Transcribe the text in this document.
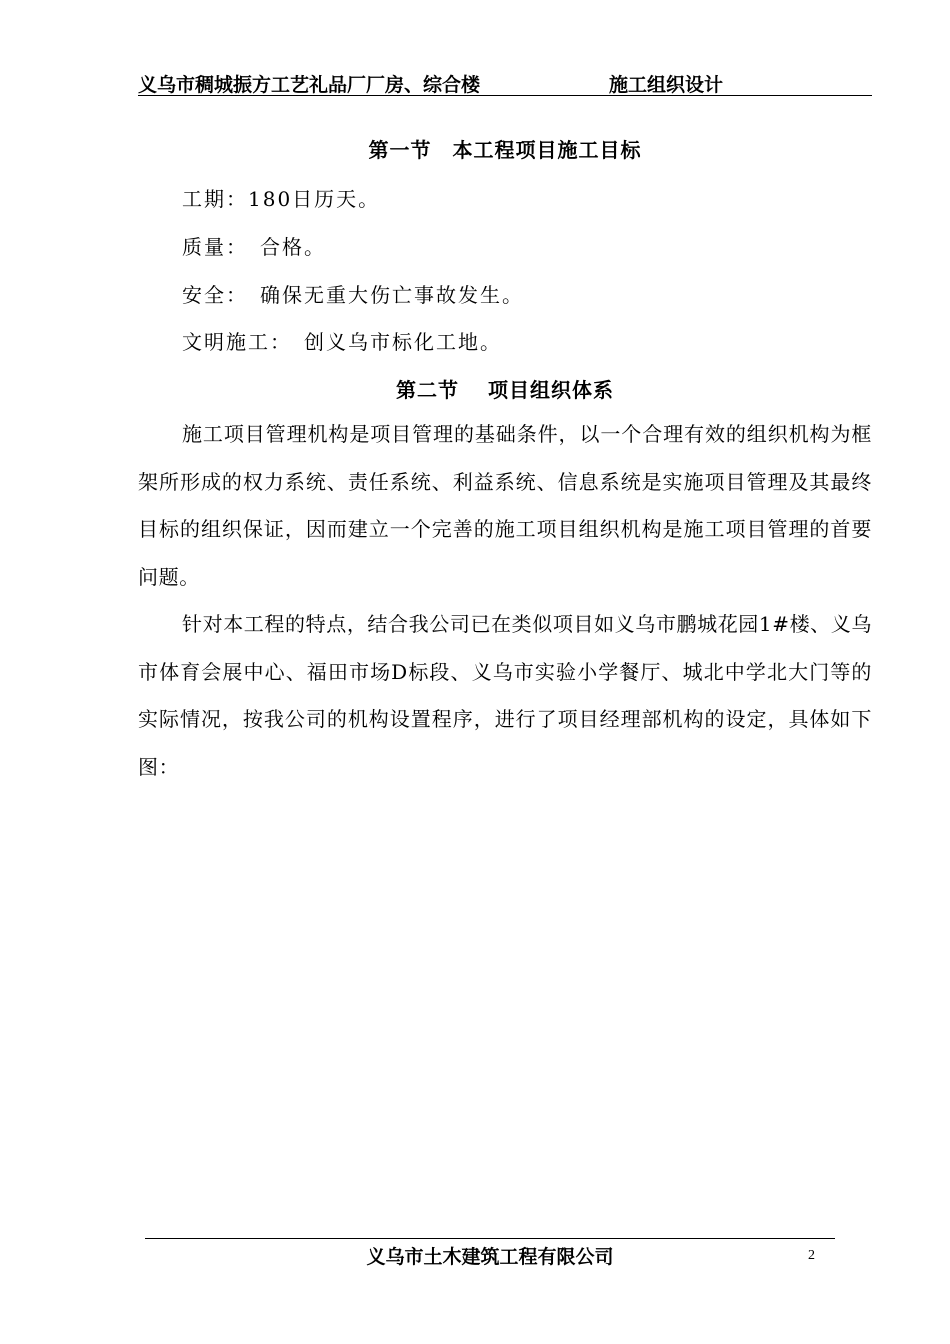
义乌市稠城振方工艺礼品厂厂房、综合楼	施工组织设计
第一节　本工程项目施工目标
工期：180日历天。
质量：　合格。
安全：　确保无重大伤亡事故发生。
文明施工：　创义乌市标化工地。
第二节　 项目组织体系
施工项目管理机构是项目管理的基础条件，以一个合理有效的组织机构为框架所形成的权力系统、责任系统、利益系统、信息系统是实施项目管理及其最终目标的组织保证，因而建立一个完善的施工项目组织机构是施工项目管理的首要问题。
针对本工程的特点，结合我公司已在类似项目如义乌市鹏城花园1#楼、义乌市体育会展中心、福田市场D标段、义乌市实验小学餐厅、城北中学北大门等的实际情况，按我公司的机构设置程序，进行了项目经理部机构的设定，具体如下图：
义乌市土木建筑工程有限公司	2
